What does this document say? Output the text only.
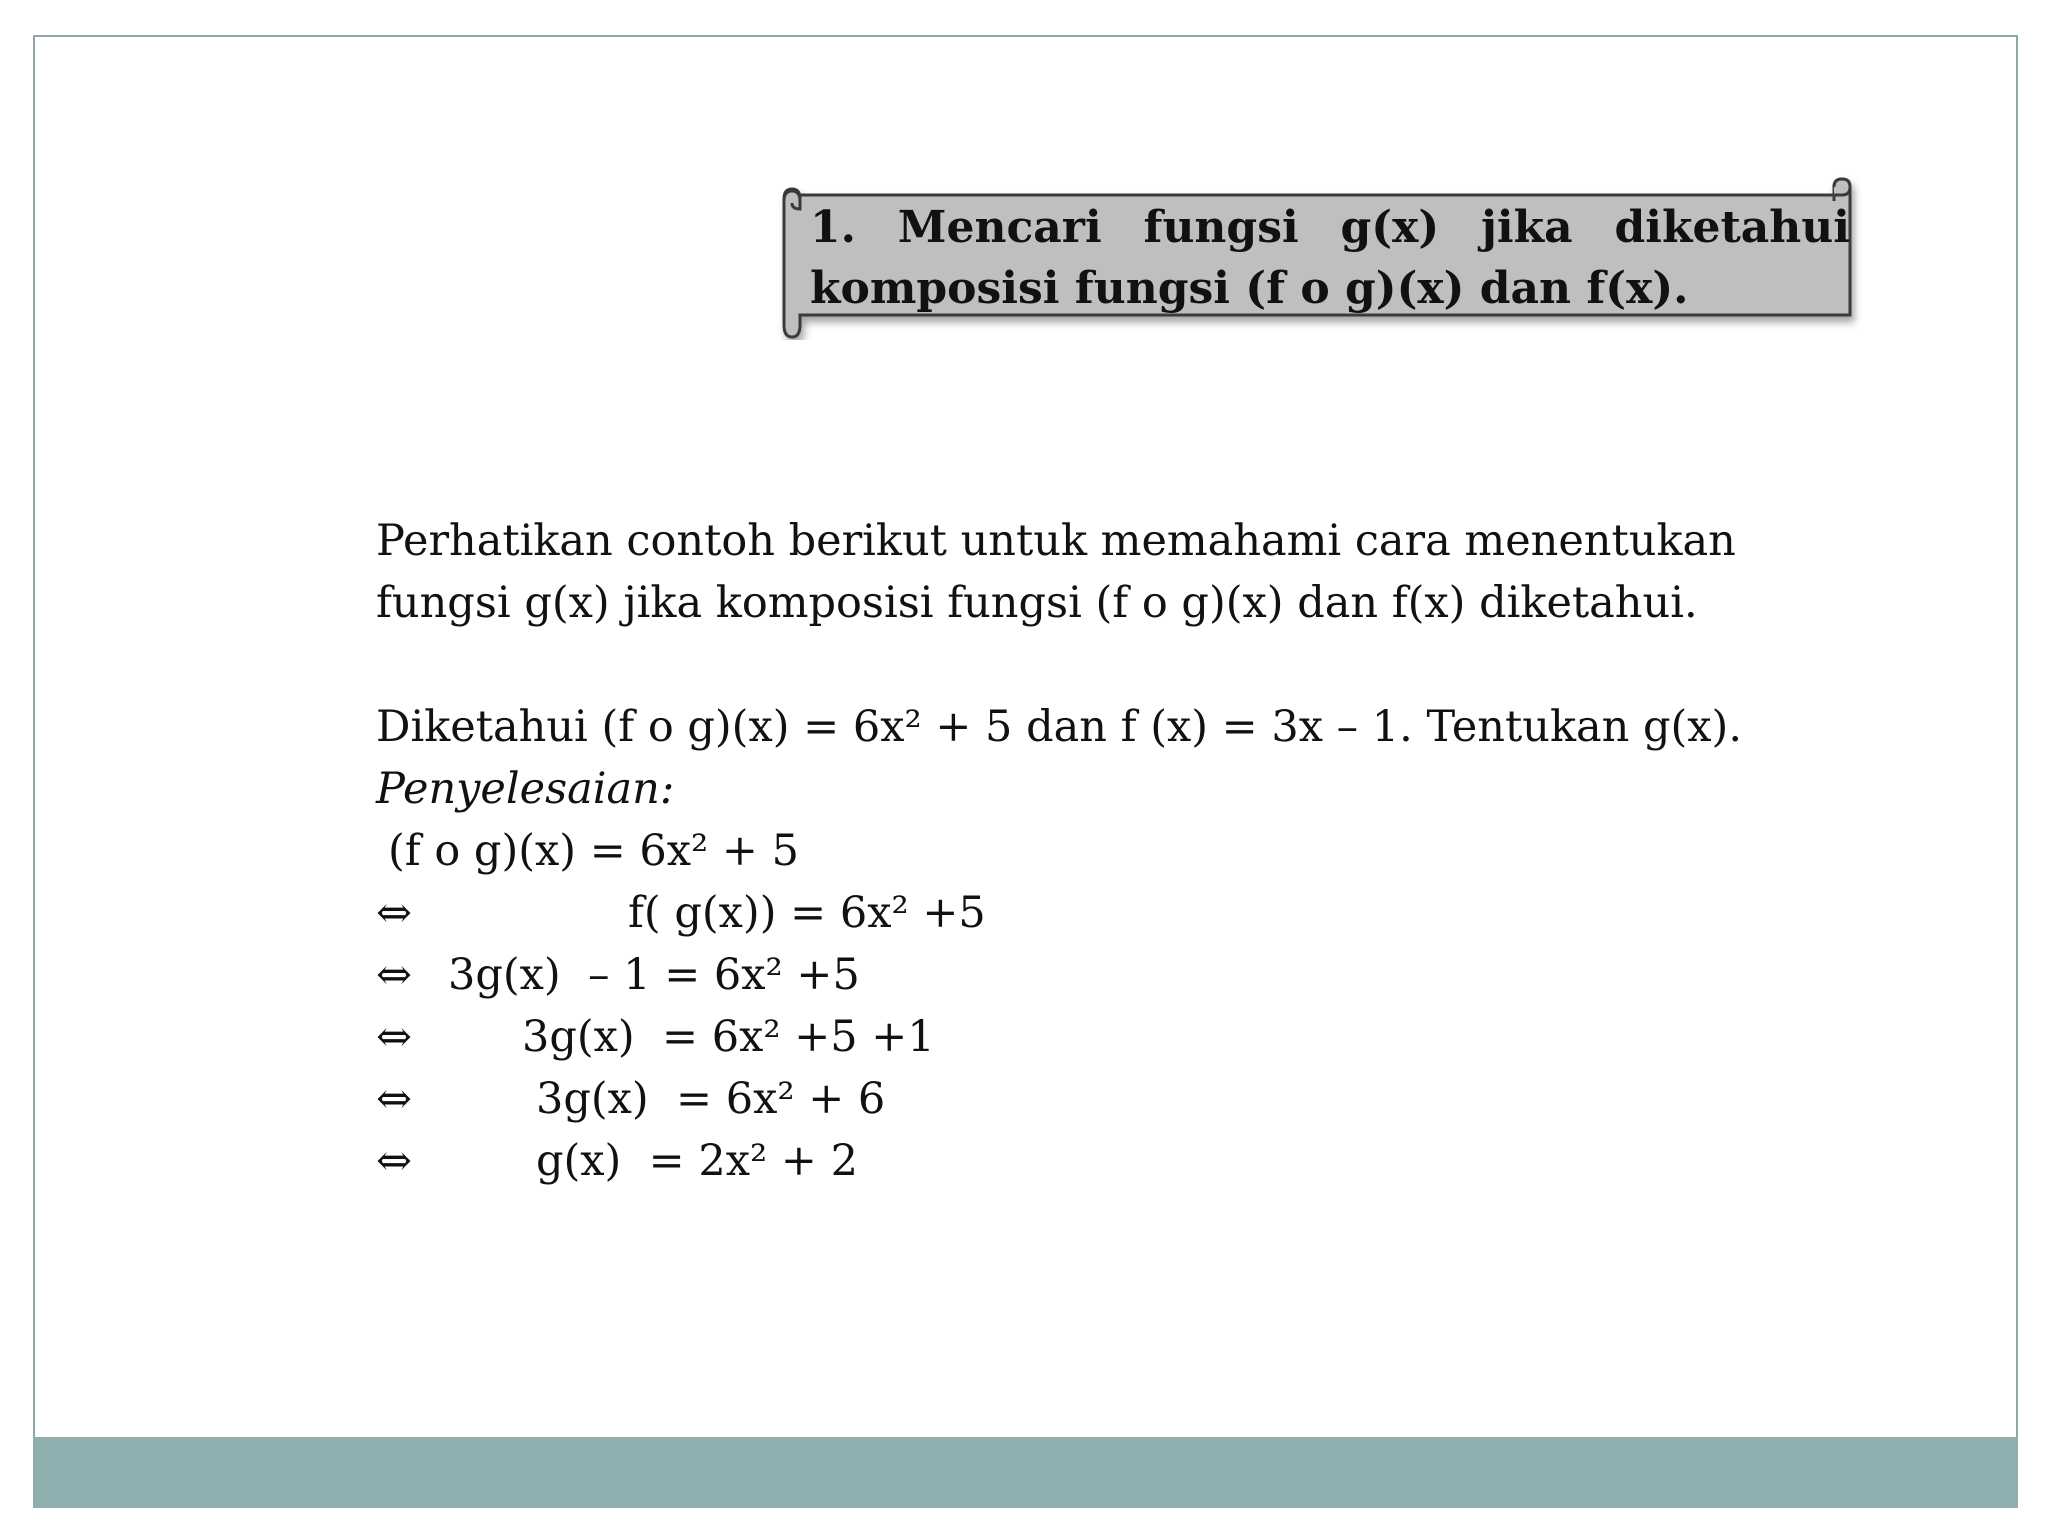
1. Mencari fungsi g(x) jika diketahui
komposisi fungsi (f o g)(x) dan f(x).

Perhatikan contoh berikut untuk memahami cara menentukan

fungsi g(x) jika komposisi fungsi (f o g)(x) dan f(x) diketahui.

Diketahui (f o g)(x) = 6x² + 5 dan f (x) = 3x – 1. Tentukan g(x).

Penyelesaian:

(f o g)(x) = 6x² + 5

⇔	f( g(x)) = 6x² +5
⇔ 3g(x)  – 1 = 6x² +5
⇔	3g(x)  = 6x² +5 +1
⇔	3g(x)  = 6x² + 6
⇔	g(x)  = 2x² + 2
